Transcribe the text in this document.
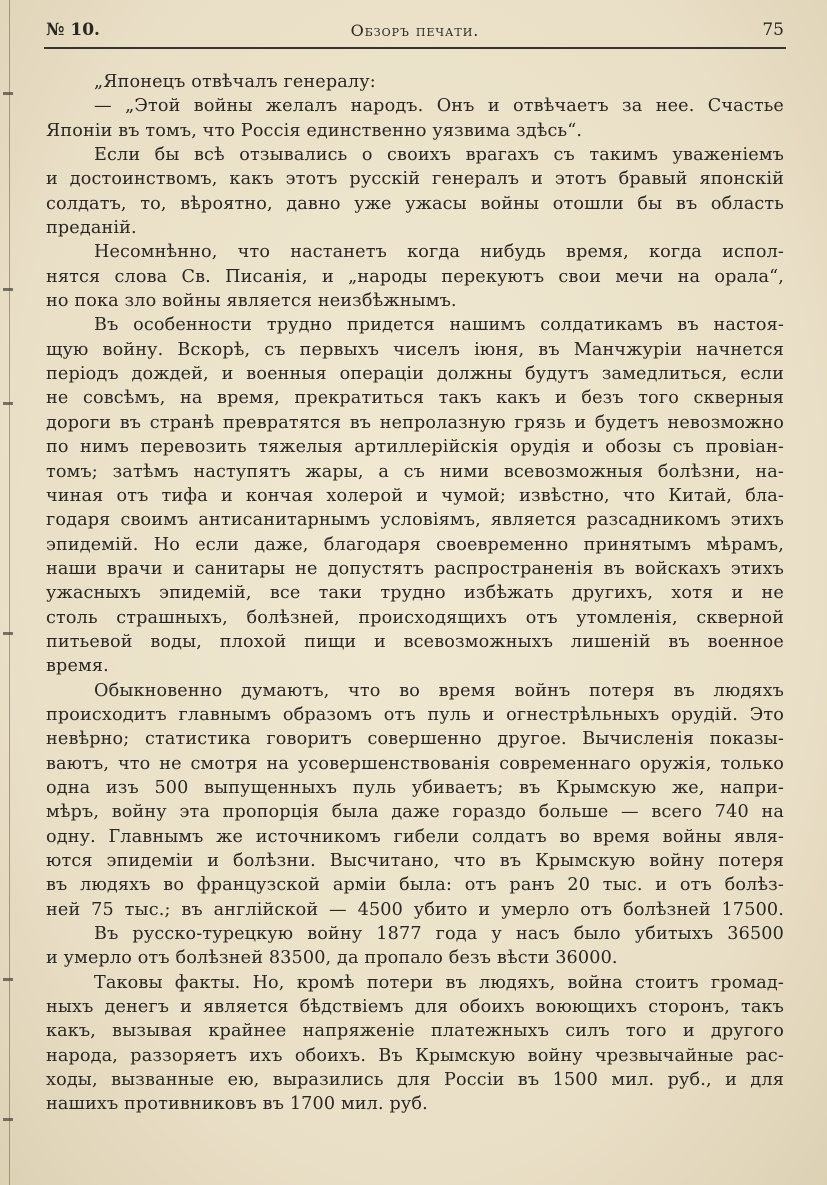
№ 10.	Обзоръ печати.	75
„Японецъ отвѣчалъ генералу:
— „Этой войны желалъ народъ. Онъ и отвѣчаетъ за нее. Счастье
Японіи въ томъ, что Россія единственно уязвима здѣсь“.
Если бы всѣ отзывались о своихъ врагахъ съ такимъ уваженіемъ
и достоинствомъ, какъ этотъ русскій генералъ и этотъ бравый японскій
солдатъ, то, вѣроятно, давно уже ужасы войны отошли бы въ область
преданій.
Несомнѣнно, что настанетъ когда нибудь время, когда испол-
нятся слова Св. Писанія, и „народы перекуютъ свои мечи на орала“,
но пока зло войны является неизбѣжнымъ.
Въ особенности трудно придется нашимъ солдатикамъ въ настоя-
щую войну. Вскорѣ, съ первыхъ чиселъ іюня, въ Манчжуріи начнется
періодъ дождей, и военныя операціи должны будутъ замедлиться, если
не совсѣмъ, на время, прекратиться такъ какъ и безъ того скверныя
дороги въ странѣ превратятся въ непролазную грязь и будетъ невозможно
по нимъ перевозить тяжелыя артиллерійскія орудія и обозы съ провіан-
томъ; затѣмъ наступятъ жары, а съ ними всевозможныя болѣзни, на-
чиная отъ тифа и кончая холерой и чумой; извѣстно, что Китай, бла-
годаря своимъ антисанитарнымъ условіямъ, является разсадникомъ этихъ
эпидемій. Но если даже, благодаря своевременно принятымъ мѣрамъ,
наши врачи и санитары не допустятъ распространенія въ войскахъ этихъ
ужасныхъ эпидемій, все таки трудно избѣжать другихъ, хотя и не
столь страшныхъ, болѣзней, происходящихъ отъ утомленія, скверной
питьевой воды, плохой пищи и всевозможныхъ лишеній въ военное
время.
Обыкновенно думаютъ, что во время войнъ потеря въ людяхъ
происходитъ главнымъ образомъ отъ пуль и огнестрѣльныхъ орудій. Это
невѣрно; статистика говоритъ совершенно другое. Вычисленія показы-
ваютъ, что не смотря на усовершенствованія современнаго оружія, только
одна изъ 500 выпущенныхъ пуль убиваетъ; въ Крымскую же, напри-
мѣръ, войну эта пропорція была даже гораздо больше — всего 740 на
одну. Главнымъ же источникомъ гибели солдатъ во время войны явля-
ются эпидеміи и болѣзни. Высчитано, что въ Крымскую войну потеря
въ людяхъ во французской арміи была: отъ ранъ 20 тыс. и отъ болѣз-
ней 75 тыс.; въ англійской — 4500 убито и умерло отъ болѣзней 17500.
Въ русско-турецкую войну 1877 года у насъ было убитыхъ 36500
и умерло отъ болѣзней 83500, да пропало безъ вѣсти 36000.
Таковы факты. Но, кромѣ потери въ людяхъ, война стоитъ громад-
ныхъ денегъ и является бѣдствіемъ для обоихъ воюющихъ сторонъ, такъ
какъ, вызывая крайнее напряженіе платежныхъ силъ того и другого
народа, раззоряетъ ихъ обоихъ. Въ Крымскую войну чрезвычайные рас-
ходы, вызванные ею, выразились для Россіи въ 1500 мил. руб., и для
нашихъ противниковъ въ 1700 мил. руб.
